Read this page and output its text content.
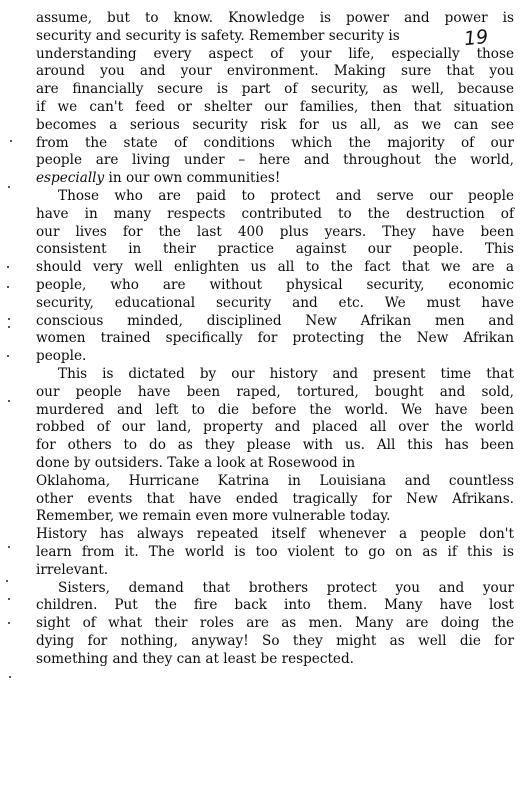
19
assume, but to know. Knowledge is power and power is
security and security is safety. Remember security is
understanding every aspect of your life, especially those
around you and your environment. Making sure that you
are financially secure is part of security, as well, because
if we can't feed or shelter our families, then that situation
becomes a serious security risk for us all, as we can see
from the state of conditions which the majority of our
people are living under – here and throughout the world,
especially in our own communities!
Those who are paid to protect and serve our people
have in many respects contributed to the destruction of
our lives for the last 400 plus years. They have been
consistent in their practice against our people. This
should very well enlighten us all to the fact that we are a
people, who are without physical security, economic
security, educational security and etc. We must have
conscious minded, disciplined New Afrikan men and
women trained specifically for protecting the New Afrikan
people.
This is dictated by our history and present time that
our people have been raped, tortured, bought and sold,
murdered and left to die before the world. We have been
robbed of our land, property and placed all over the world
for others to do as they please with us. All this has been
done by outsiders. Take a look at Rosewood in
Oklahoma, Hurricane Katrina in Louisiana and countless
other events that have ended tragically for New Afrikans.
Remember, we remain even more vulnerable today.
History has always repeated itself whenever a people don't
learn from it. The world is too violent to go on as if this is
irrelevant.
Sisters, demand that brothers protect you and your
children. Put the fire back into them. Many have lost
sight of what their roles are as men. Many are doing the
dying for nothing, anyway! So they might as well die for
something and they can at least be respected.
